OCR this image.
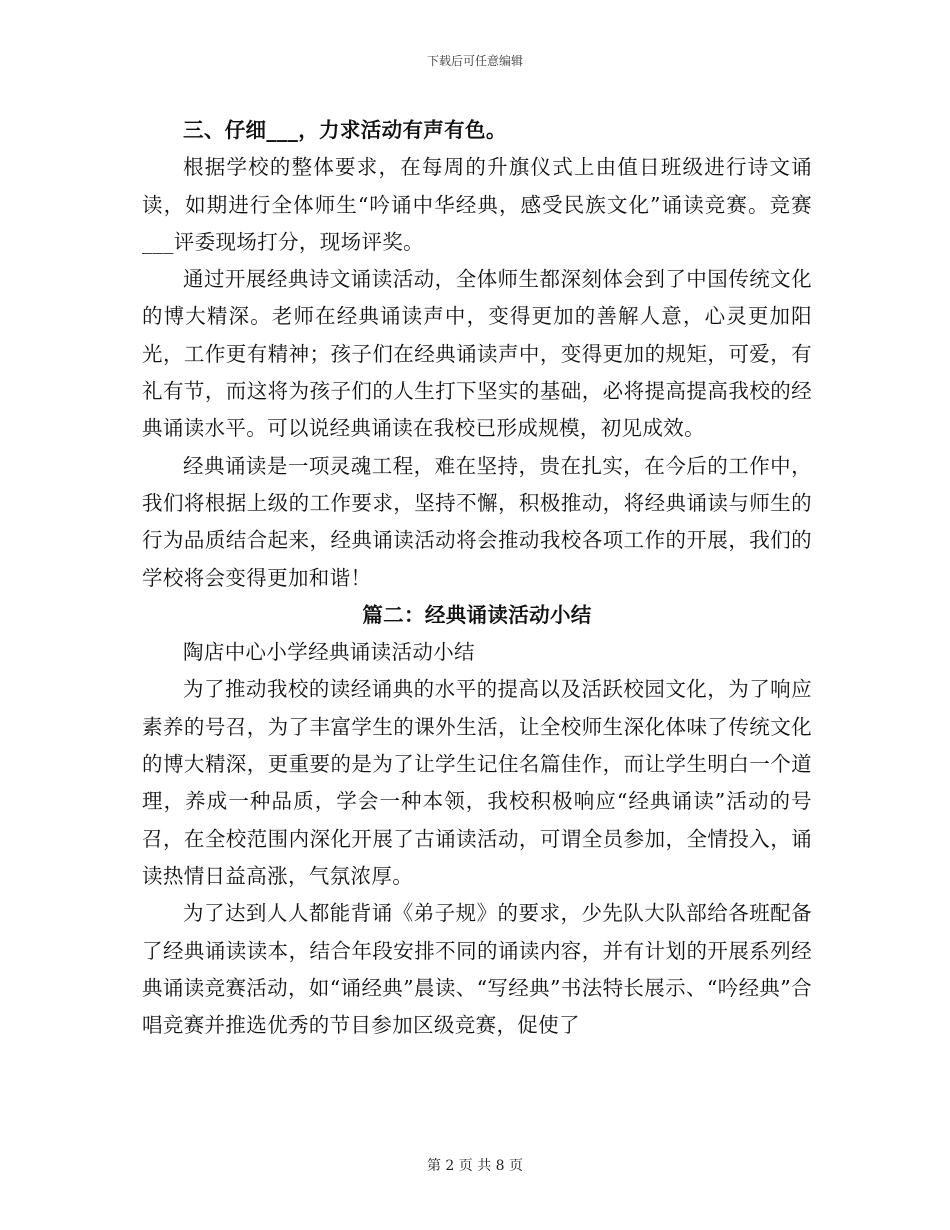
下载后可任意编辑

三、仔细___，力求活动有声有色。

根据学校的整体要求，在每周的升旗仪式上由值日班级进行诗文诵读，如期进行全体师生“吟诵中华经典，感受民族文化”诵读竞赛。竞赛___评委现场打分，现场评奖。

通过开展经典诗文诵读活动，全体师生都深刻体会到了中国传统文化的博大精深。老师在经典诵读声中，变得更加的善解人意，心灵更加阳光，工作更有精神；孩子们在经典诵读声中，变得更加的规矩，可爱，有礼有节，而这将为孩子们的人生打下坚实的基础，必将提高提高我校的经典诵读水平。可以说经典诵读在我校已形成规模，初见成效。

经典诵读是一项灵魂工程，难在坚持，贵在扎实，在今后的工作中，我们将根据上级的工作要求，坚持不懈，积极推动，将经典诵读与师生的行为品质结合起来，经典诵读活动将会推动我校各项工作的开展，我们的学校将会变得更加和谐！

篇二：经典诵读活动小结

陶店中心小学经典诵读活动小结

为了推动我校的读经诵典的水平的提高以及活跃校园文化，为了响应素养的号召，为了丰富学生的课外生活，让全校师生深化体味了传统文化的博大精深，更重要的是为了让学生记住名篇佳作，而让学生明白一个道理，养成一种品质，学会一种本领，我校积极响应“经典诵读”活动的号召，在全校范围内深化开展了古诵读活动，可谓全员参加，全情投入，诵读热情日益高涨，气氛浓厚。

为了达到人人都能背诵《弟子规》的要求，少先队大队部给各班配备了经典诵读读本，结合年段安排不同的诵读内容，并有计划的开展系列经典诵读竞赛活动，如“诵经典”晨读、“写经典”书法特长展示、“吟经典”合唱竞赛并推选优秀的节目参加区级竞赛，促使了

第 2 页 共 8 页
